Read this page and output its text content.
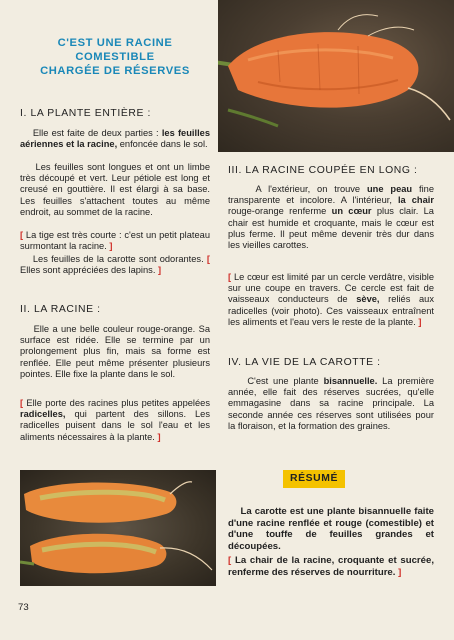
C'EST UNE RACINE
COMESTIBLE
CHARGÉE DE RÉSERVES
I. LA PLANTE ENTIÈRE :
Elle est faite de deux parties : les feuilles aériennes et la racine, enfoncée dans le sol.
Les feuilles sont longues et ont un limbe très découpé et vert. Leur pétiole est long et creusé en gouttière. Il est élargi à sa base. Les feuilles s'attachent toutes au même endroit, au sommet de la racine.
[ La tige est très courte : c'est un petit plateau surmontant la racine. ]
Les feuilles de la carotte sont odorantes. [ Elles sont appréciées des lapins. ]
II. LA RACINE :
Elle a une belle couleur rouge-orange. Sa surface est ridée. Elle se termine par un prolongement plus fin, mais sa forme est renflée. Elle peut même présenter plusieurs pointes. Elle fixe la plante dans le sol.
[ Elle porte des racines plus petites appelées radicelles, qui partent des sillons. Les radicelles puisent dans le sol l'eau et les aliments nécessaires à la plante. ]
III. LA RACINE COUPÉE EN LONG :
A l'extérieur, on trouve une peau fine transparente et incolore. A l'intérieur, la chair rouge-orange renferme un cœur plus clair. La chair est humide et croquante, mais le cœur est plus ferme. Il peut même devenir très dur dans les vieilles carottes.
[ Le cœur est limité par un cercle verdâtre, visible sur une coupe en travers. Ce cercle est fait de vaisseaux conducteurs de sève, reliés aux radicelles (voir photo). Ces vaisseaux entraînent les aliments et l'eau vers le reste de la plante. ]
IV. LA VIE DE LA CAROTTE :
C'est une plante bisannuelle. La première année, elle fait des réserves sucrées, qu'elle emmagasine dans sa racine principale. La seconde année ces réserves sont utilisées pour la floraison, et la formation des graines.
RÉSUMÉ
La carotte est une plante bisannuelle faite d'une racine renflée et rouge (comestible) et d'une touffe de feuilles grandes et découpées.
[ La chair de la racine, croquante et sucrée, renferme des réserves de nourriture. ]
73
